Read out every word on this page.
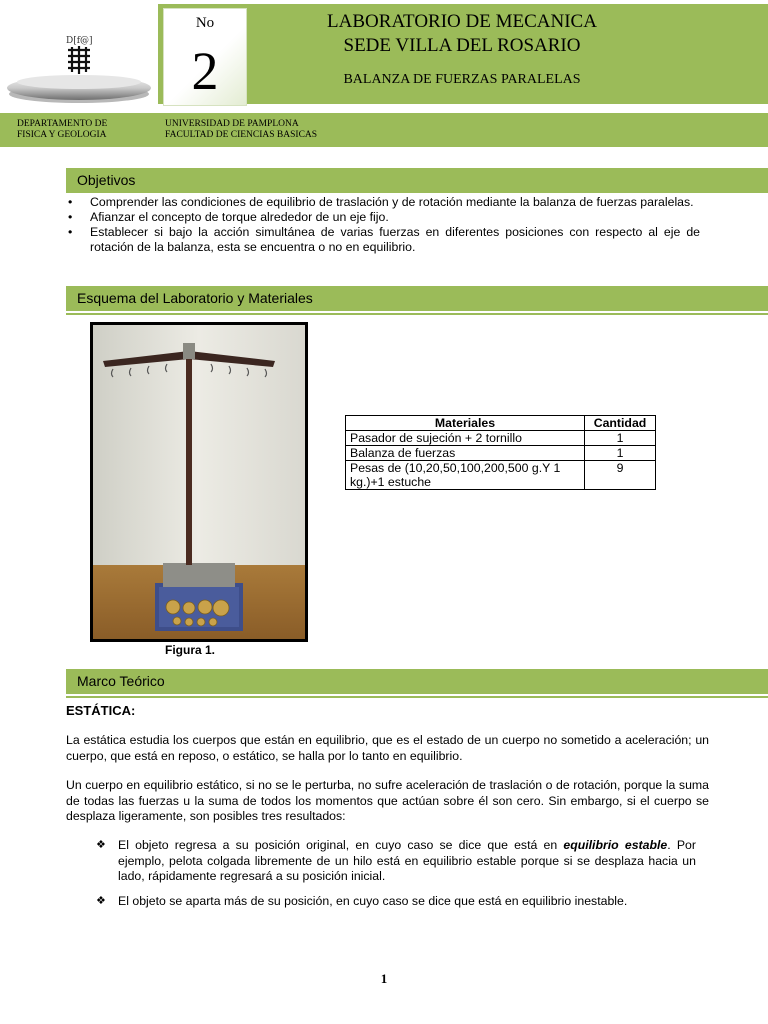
D[f@]
No
2
LABORATORIO DE MECANICA
SEDE VILLA DEL ROSARIO
BALANZA DE FUERZAS PARALELAS
DEPARTAMENTO DE
FISICA Y GEOLOGIA
UNIVERSIDAD DE PAMPLONA
FACULTAD DE CIENCIAS BASICAS
Objetivos
• Comprender las condiciones de equilibrio de traslación y de rotación mediante la balanza de fuerzas paralelas.
• Afianzar el concepto de torque alrededor de un eje fijo.
• Establecer si bajo la acción simultánea de varias fuerzas en diferentes posiciones con respecto al eje de rotación de la balanza, esta se encuentra o no en equilibrio.
Esquema del Laboratorio y Materiales
Figura 1.
Materiales	Cantidad
Pasador de sujeción + 2 tornillo	1
Balanza de fuerzas	1
Pesas de (10,20,50,100,200,500 g.Y 1 kg.)+1 estuche	9
Marco Teórico
ESTÁTICA:

La estática estudia los cuerpos que están en equilibrio, que es el estado de un cuerpo no sometido a aceleración; un cuerpo, que está en reposo, o estático, se halla por lo tanto en equilibrio.

Un cuerpo en equilibrio estático, si no se le perturba, no sufre aceleración de traslación o de rotación, porque la suma de todas las fuerzas u la suma de todos los momentos que actúan sobre él son cero. Sin embargo, si el cuerpo se desplaza ligeramente, son posibles tres resultados:

❖ El objeto regresa a su posición original, en cuyo caso se dice que está en equilibrio estable. Por ejemplo, pelota colgada libremente de un hilo está en equilibrio estable porque si se desplaza hacia un lado, rápidamente regresará a su posición inicial.
❖ El objeto se aparta más de su posición, en cuyo caso se dice que está en equilibrio inestable.
1
